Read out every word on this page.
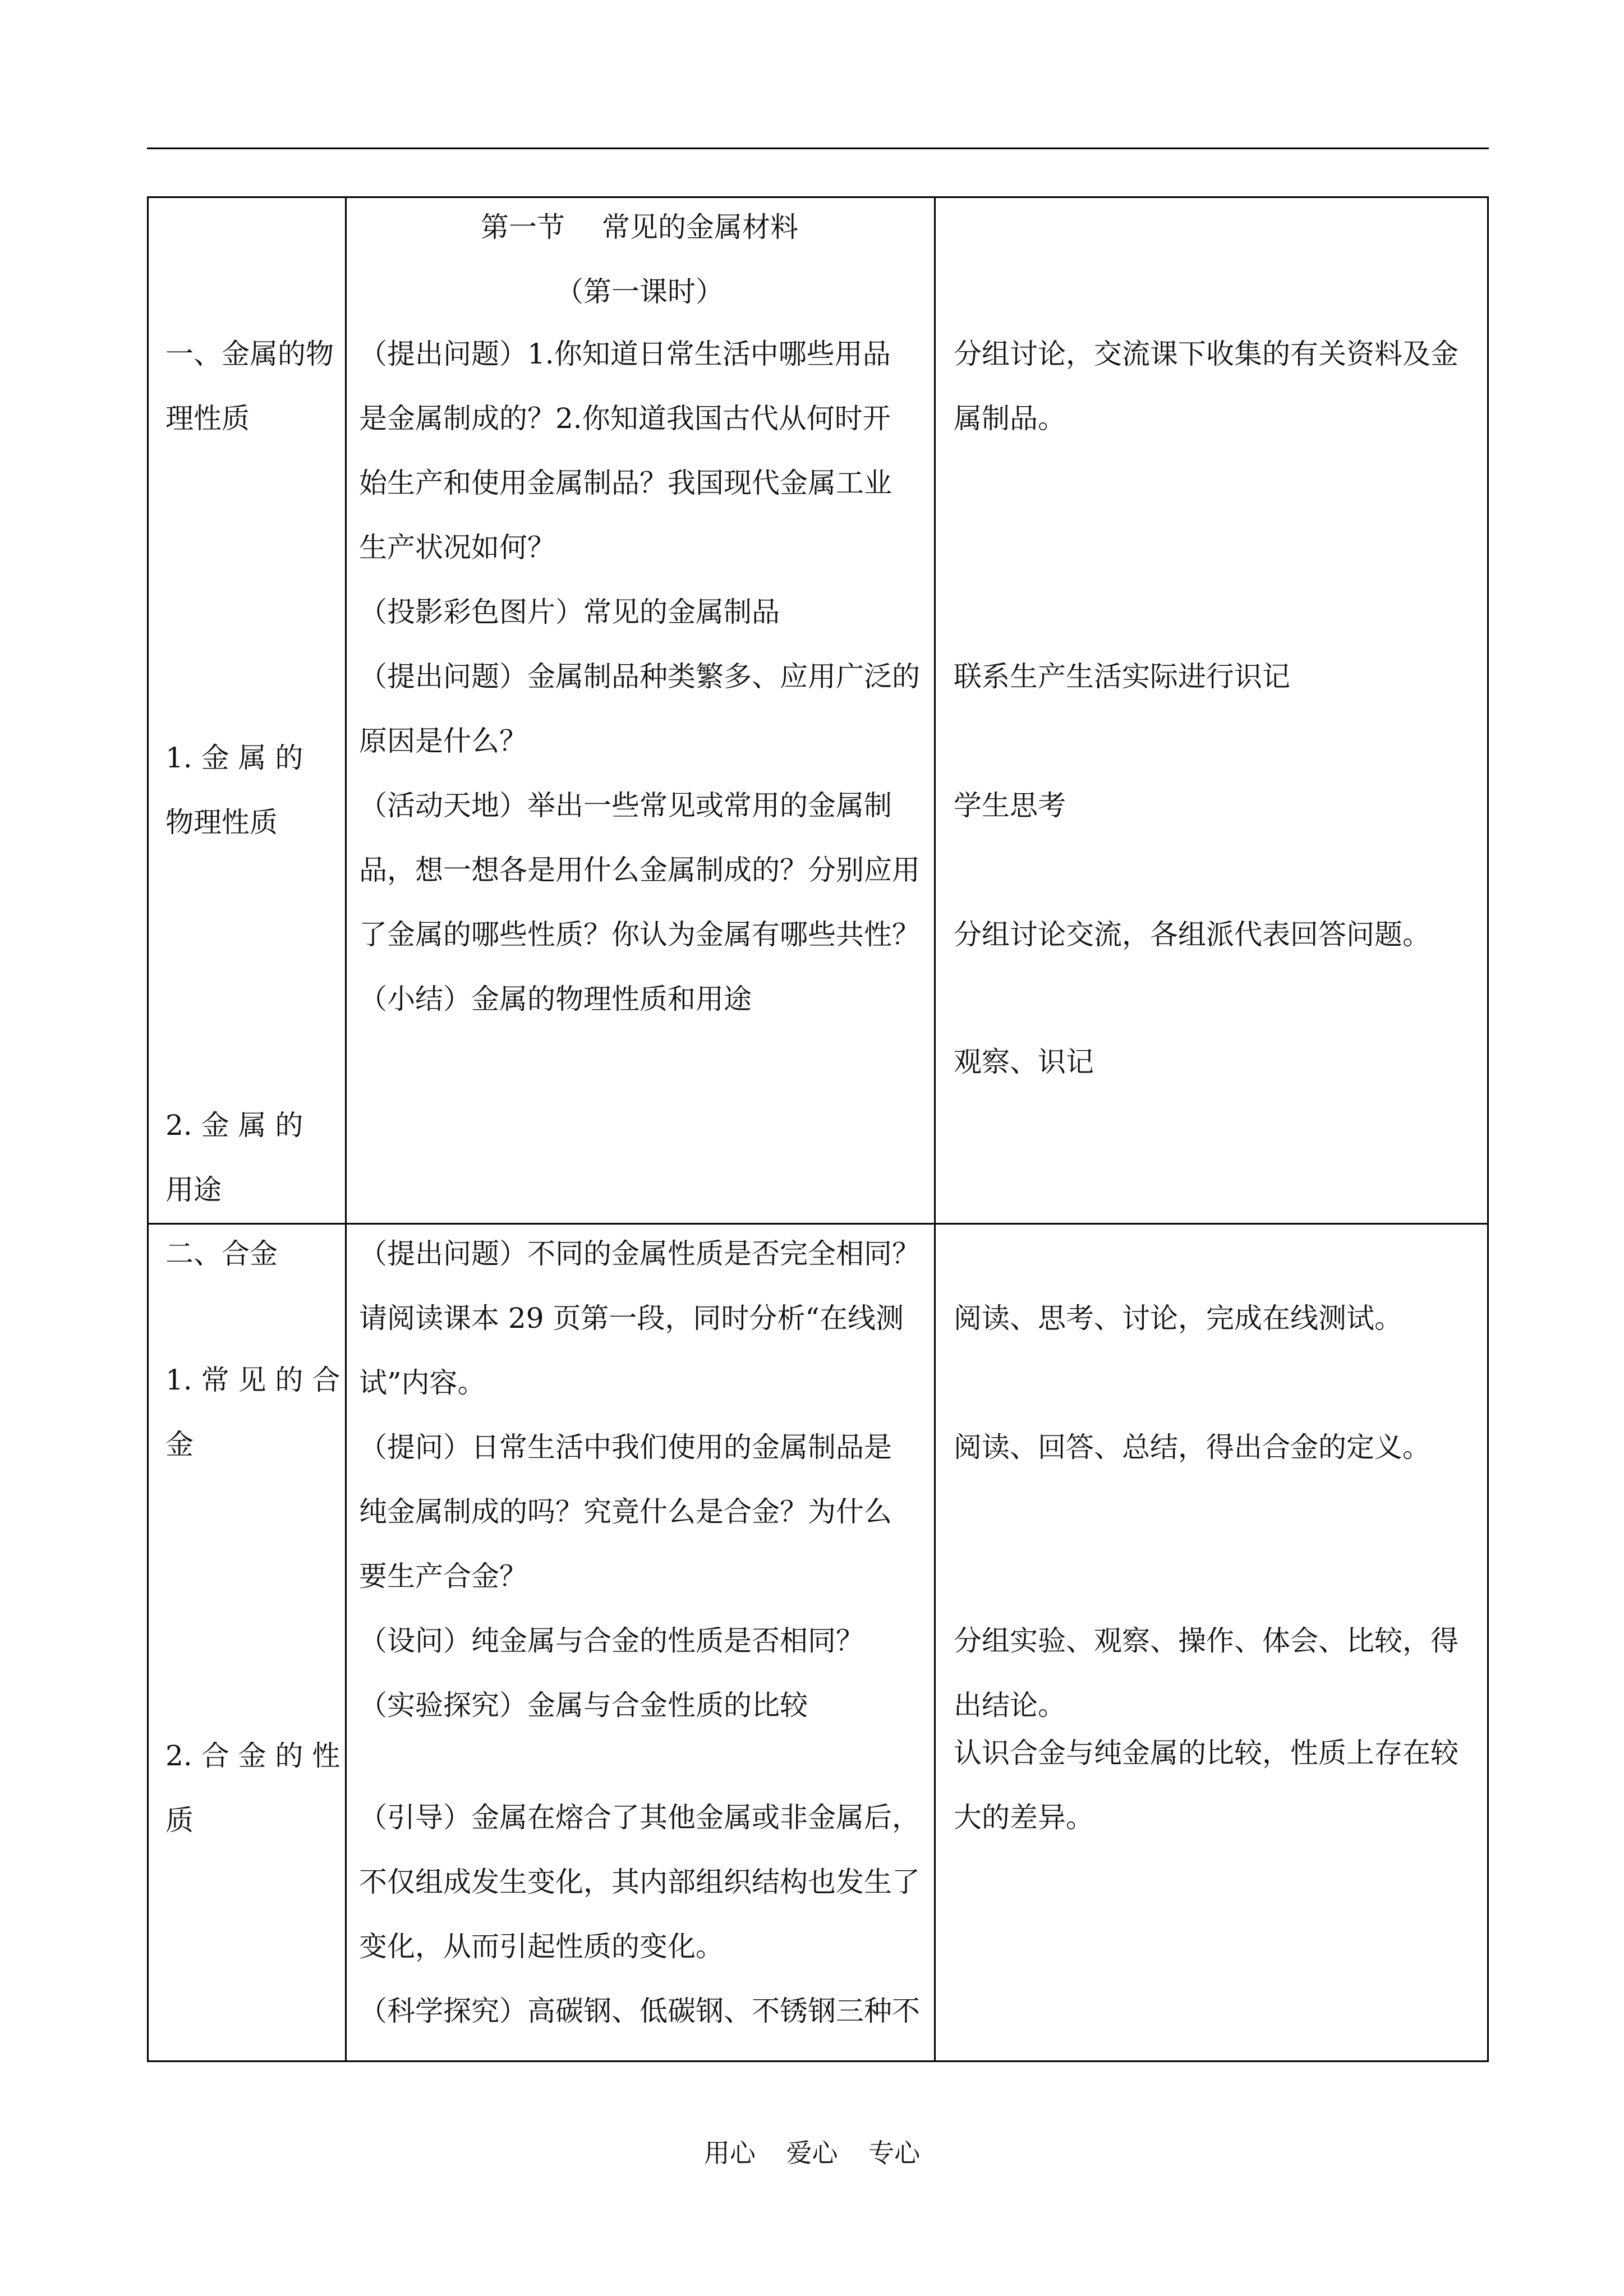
第一节　 常见的金属材料
（第一课时）
一、金属的物
理性质
1. 金 属 的
物理性质
2. 金 属 的
用途
（提出问题）1.你知道日常生活中哪些用品
是金属制成的？2.你知道我国古代从何时开
始生产和使用金属制品？我国现代金属工业
生产状况如何？
（投影彩色图片）常见的金属制品
（提出问题）金属制品种类繁多、应用广泛的
原因是什么？
（活动天地）举出一些常见或常用的金属制
品，想一想各是用什么金属制成的？分别应用
了金属的哪些性质？你认为金属有哪些共性？
（小结）金属的物理性质和用途
分组讨论，交流课下收集的有关资料及金
属制品。
联系生产生活实际进行识记
学生思考
分组讨论交流，各组派代表回答问题。
观察、识记
二、合金
1. 常 见 的 合
金
2. 合 金 的 性
质
（提出问题）不同的金属性质是否完全相同？
请阅读课本 29 页第一段，同时分析“在线测
试”内容。
（提问）日常生活中我们使用的金属制品是
纯金属制成的吗？究竟什么是合金？为什么
要生产合金？
（设问）纯金属与合金的性质是否相同？
（实验探究）金属与合金性质的比较
（引导）金属在熔合了其他金属或非金属后，
不仅组成发生变化，其内部组织结构也发生了
变化，从而引起性质的变化。
（科学探究）高碳钢、低碳钢、不锈钢三种不
阅读、思考、讨论，完成在线测试。
阅读、回答、总结，得出合金的定义。
分组实验、观察、操作、体会、比较，得
出结论。
认识合金与纯金属的比较，性质上存在较
大的差异。
用心 爱心 专心
